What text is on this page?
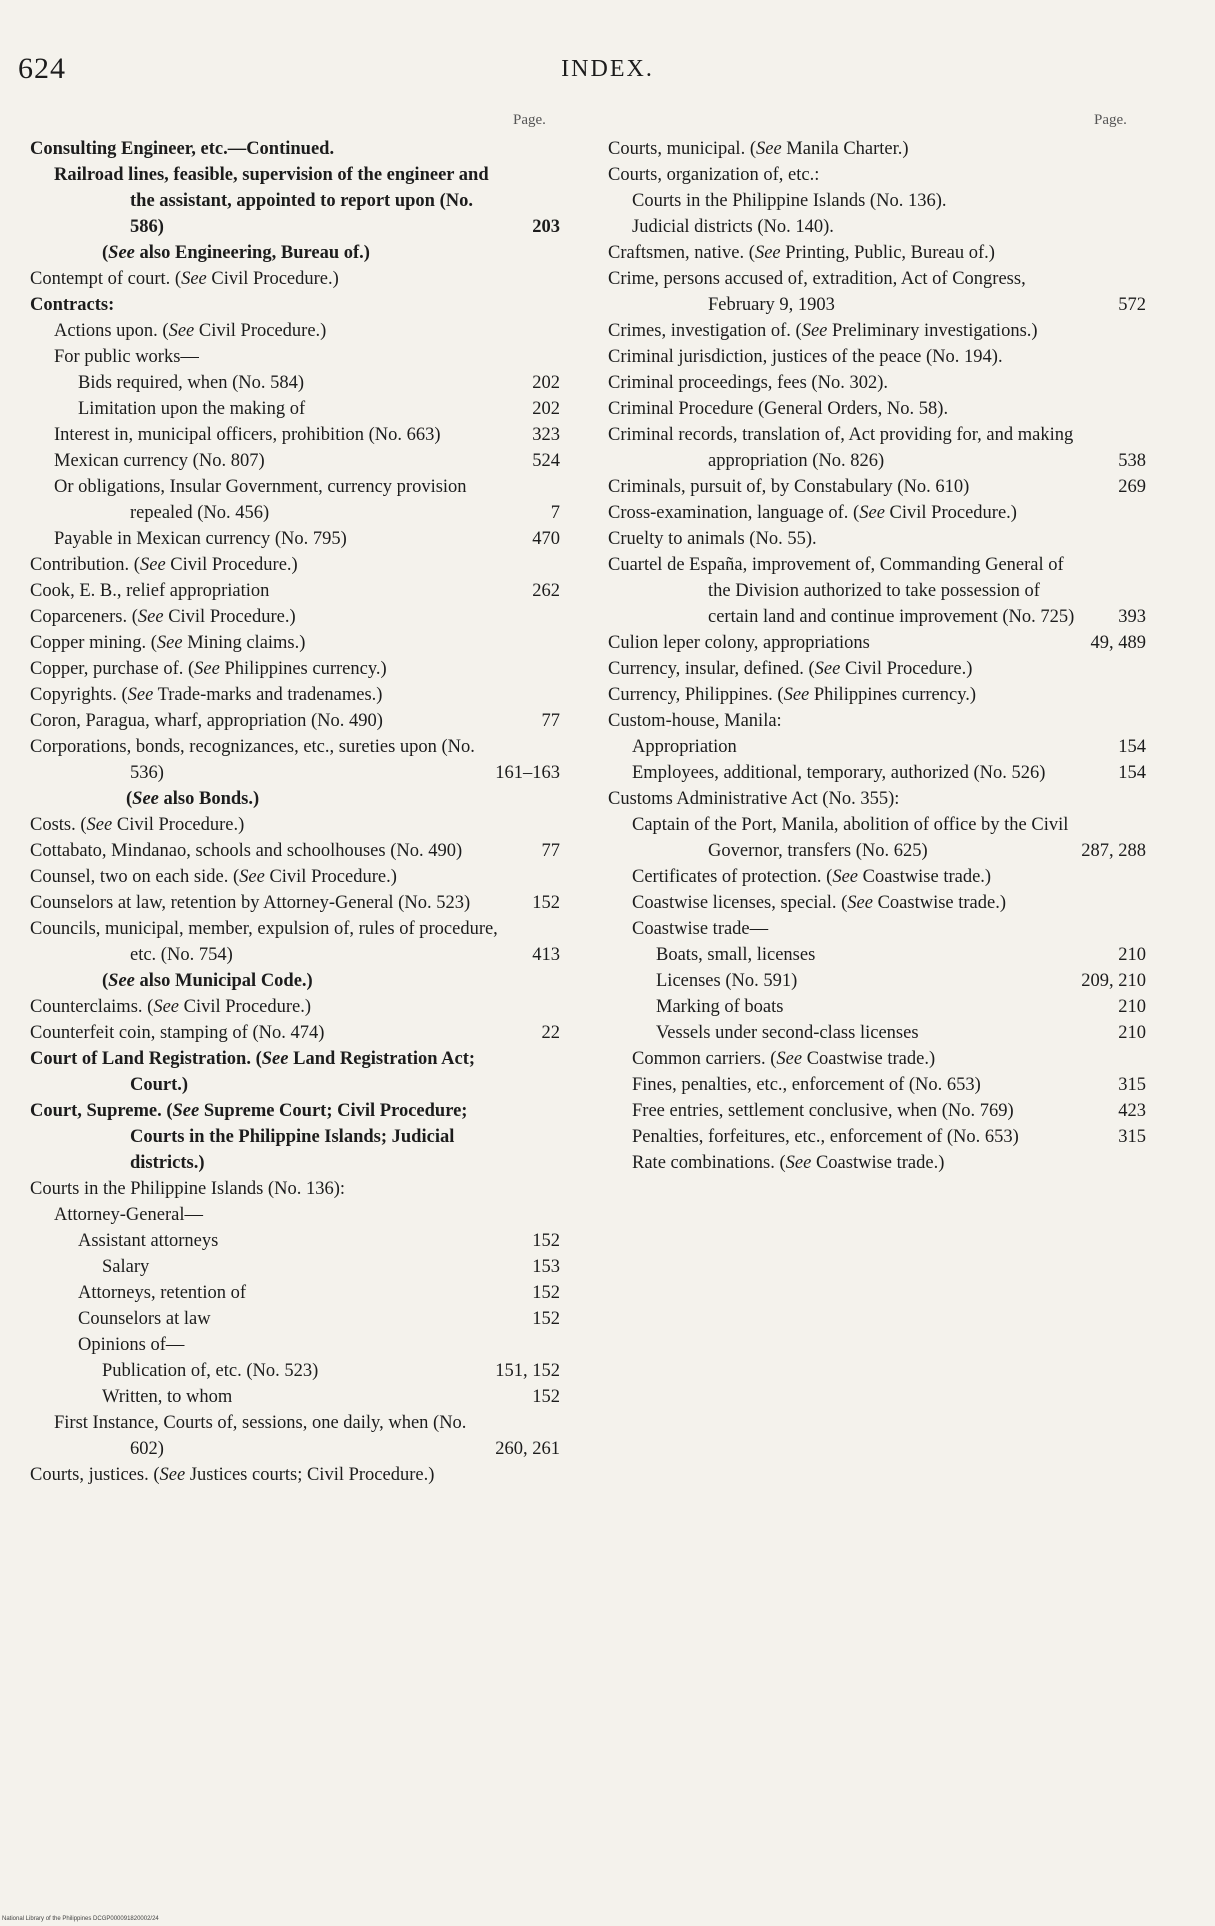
624	INDEX.
Page.	Page.
Consulting Engineer, etc.—Continued.
Railroad lines, feasible, supervision of the engineer and the assistant, appointed to report upon (No. 586)	203
(See also Engineering, Bureau of.)
Contempt of court. (See Civil Procedure.)
Contracts:
Actions upon. (See Civil Procedure.)
For public works—
Bids required, when (No. 584)	202
Limitation upon the making of	202
Interest in, municipal officers, prohibition (No. 663)	323
Mexican currency (No. 807)	524
Or obligations, Insular Government, currency provision repealed (No. 456)	7
Payable in Mexican currency (No. 795)	470
Contribution. (See Civil Procedure.)
Cook, E. B., relief appropriation	262
Coparceners. (See Civil Procedure.)
Copper mining. (See Mining claims.)
Copper, purchase of. (See Philippines currency.)
Copyrights. (See Trade-marks and tradenames.)
Coron, Paragua, wharf, appropriation (No. 490)	77
Corporations, bonds, recognizances, etc., sureties upon (No. 536)	161–163
(See also Bonds.)
Costs. (See Civil Procedure.)
Cottabato, Mindanao, schools and schoolhouses (No. 490)	77
Counsel, two on each side. (See Civil Procedure.)
Counselors at law, retention by Attorney-General (No. 523)	152
Councils, municipal, member, expulsion of, rules of procedure, etc. (No. 754)	413
(See also Municipal Code.)
Counterclaims. (See Civil Procedure.)
Counterfeit coin, stamping of (No. 474)	22
Court of Land Registration. (See Land Registration Act; Court.)
Court, Supreme. (See Supreme Court; Civil Procedure; Courts in the Philippine Islands; Judicial districts.)
Courts in the Philippine Islands (No. 136):
Attorney-General—
Assistant attorneys	152
Salary	153
Attorneys, retention of	152
Counselors at law	152
Opinions of—
Publication of, etc. (No. 523)	151, 152
Written, to whom	152
First Instance, Courts of, sessions, one daily, when (No. 602)	260, 261
Courts, justices. (See Justices courts; Civil Procedure.)
Courts, municipal. (See Manila Charter.)
Courts, organization of, etc.:
Courts in the Philippine Islands (No. 136).
Judicial districts (No. 140).
Craftsmen, native. (See Printing, Public, Bureau of.)
Crime, persons accused of, extradition, Act of Congress, February 9, 1903	572
Crimes, investigation of. (See Preliminary investigations.)
Criminal jurisdiction, justices of the peace (No. 194).
Criminal proceedings, fees (No. 302).
Criminal Procedure (General Orders, No. 58).
Criminal records, translation of, Act providing for, and making appropriation (No. 826)	538
Criminals, pursuit of, by Constabulary (No. 610)	269
Cross-examination, language of. (See Civil Procedure.)
Cruelty to animals (No. 55).
Cuartel de España, improvement of, Commanding General of the Division authorized to take possession of certain land and continue improvement (No. 725)	393
Culion leper colony, appropriations	49, 489
Currency, insular, defined. (See Civil Procedure.)
Currency, Philippines. (See Philippines currency.)
Custom-house, Manila:
Appropriation	154
Employees, additional, temporary, authorized (No. 526)	154
Customs Administrative Act (No. 355):
Captain of the Port, Manila, abolition of office by the Civil Governor, transfers (No. 625)	287, 288
Certificates of protection. (See Coastwise trade.)
Coastwise licenses, special. (See Coastwise trade.)
Coastwise trade—
Boats, small, licenses	210
Licenses (No. 591)	209, 210
Marking of boats	210
Vessels under second-class licenses	210
Common carriers. (See Coastwise trade.)
Fines, penalties, etc., enforcement of (No. 653)	315
Free entries, settlement conclusive, when (No. 769)	423
Penalties, forfeitures, etc., enforcement of (No. 653)	315
Rate combinations. (See Coastwise trade.)
National Library of the Philippines DCGP000091820002/24
